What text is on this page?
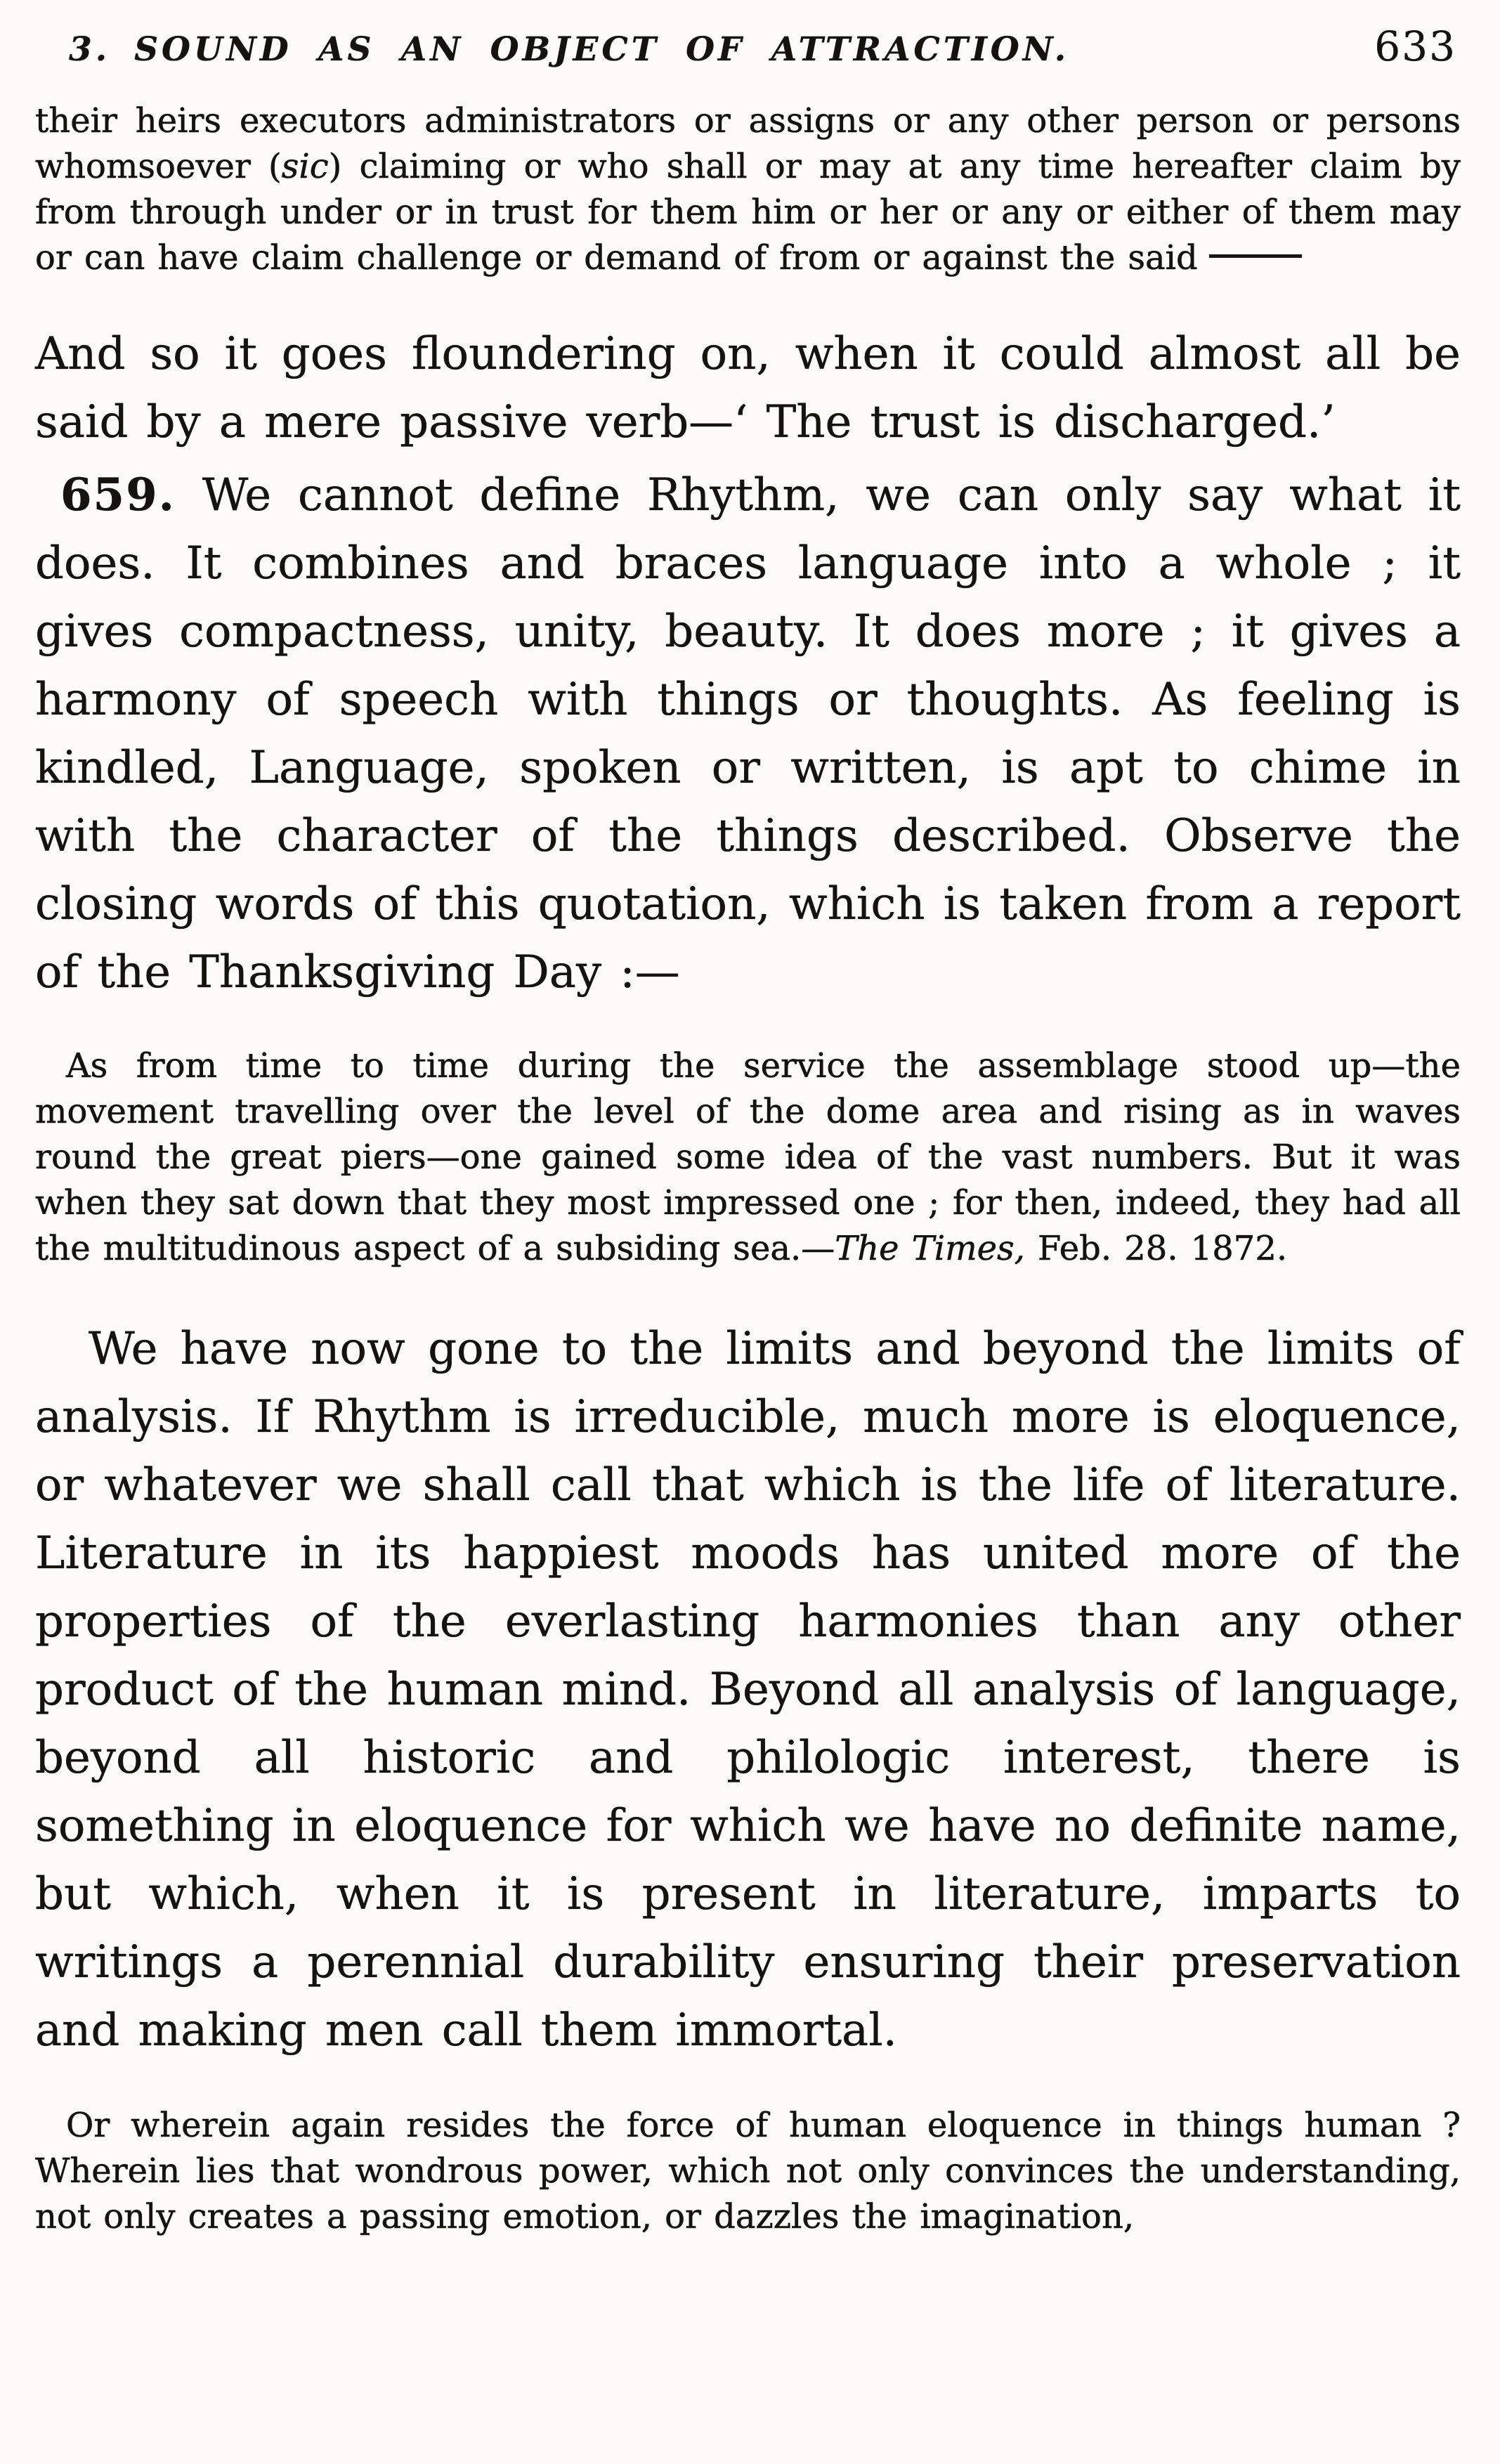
3. SOUND AS AN OBJECT OF ATTRACTION.	633

their heirs executors administrators or assigns or any other person or persons whomsoever (sic) claiming or who shall or may at any time hereafter claim by from through under or in trust for them him or her or any or either of them may or can have claim challenge or demand of from or against the said

And so it goes floundering on, when it could almost all be said by a mere passive verb—‘ The trust is discharged.’

659. We cannot define Rhythm, we can only say what it does. It combines and braces language into a whole ; it gives compactness, unity, beauty. It does more ; it gives a harmony of speech with things or thoughts. As feeling is kindled, Language, spoken or written, is apt to chime in with the character of the things described. Observe the closing words of this quotation, which is taken from a report of the Thanksgiving Day :—

As from time to time during the service the assemblage stood up—the movement travelling over the level of the dome area and rising as in waves round the great piers—one gained some idea of the vast numbers. But it was when they sat down that they most impressed one ; for then, indeed, they had all the multitudinous aspect of a subsiding sea.—The Times, Feb. 28. 1872.

We have now gone to the limits and beyond the limits of analysis. If Rhythm is irreducible, much more is eloquence, or whatever we shall call that which is the life of literature. Literature in its happiest moods has united more of the properties of the everlasting harmonies than any other product of the human mind. Beyond all analysis of language, beyond all historic and philologic interest, there is something in eloquence for which we have no definite name, but which, when it is present in literature, imparts to writings a perennial durability ensuring their preservation and making men call them immortal.

Or wherein again resides the force of human eloquence in things human ? Wherein lies that wondrous power, which not only convinces the understanding, not only creates a passing emotion, or dazzles the imagination,
